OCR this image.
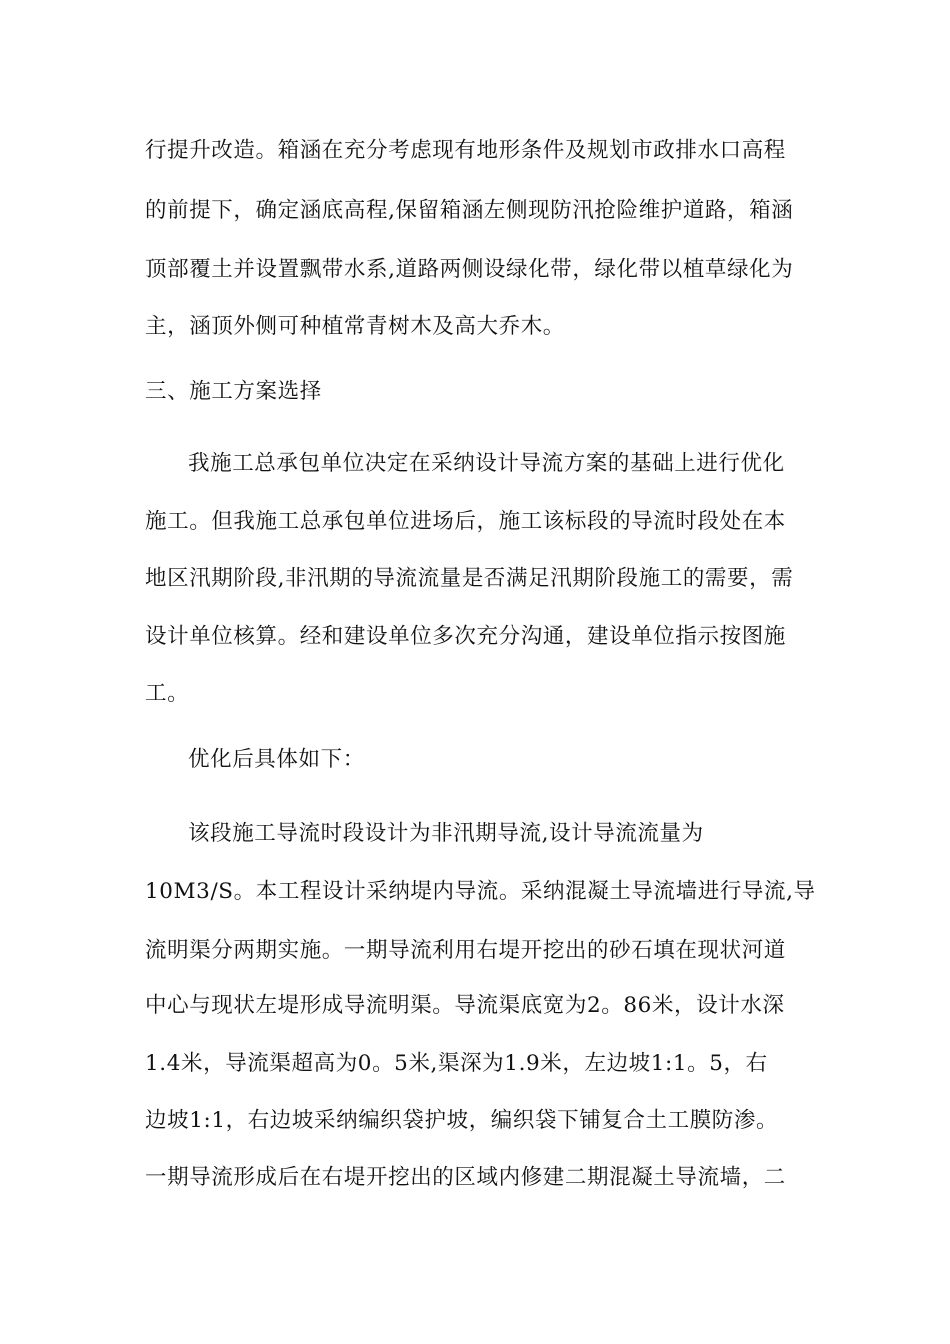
行提升改造。箱涵在充分考虑现有地形条件及规划市政排水口高程
的前提下，确定涵底高程,保留箱涵左侧现防汛抢险维护道路，箱涵
顶部覆土并设置飘带水系,道路两侧设绿化带，绿化带以植草绿化为
主，涵顶外侧可种植常青树木及高大乔木。
三、施工方案选择
我施工总承包单位决定在采纳设计导流方案的基础上进行优化
施工。但我施工总承包单位进场后，施工该标段的导流时段处在本
地区汛期阶段,非汛期的导流流量是否满足汛期阶段施工的需要，需
设计单位核算。经和建设单位多次充分沟通，建设单位指示按图施
工。
优化后具体如下：
该段施工导流时段设计为非汛期导流,设计导流流量为
10M3/S。本工程设计采纳堤内导流。采纳混凝土导流墙进行导流,导
流明渠分两期实施。一期导流利用右堤开挖出的砂石填在现状河道
中心与现状左堤形成导流明渠。导流渠底宽为2。86米，设计水深
1.4米，导流渠超高为0。5米,渠深为1.9米，左边坡1:1。5，右
边坡1:1，右边坡采纳编织袋护坡，编织袋下铺复合土工膜防渗。
一期导流形成后在右堤开挖出的区域内修建二期混凝土导流墙，二
